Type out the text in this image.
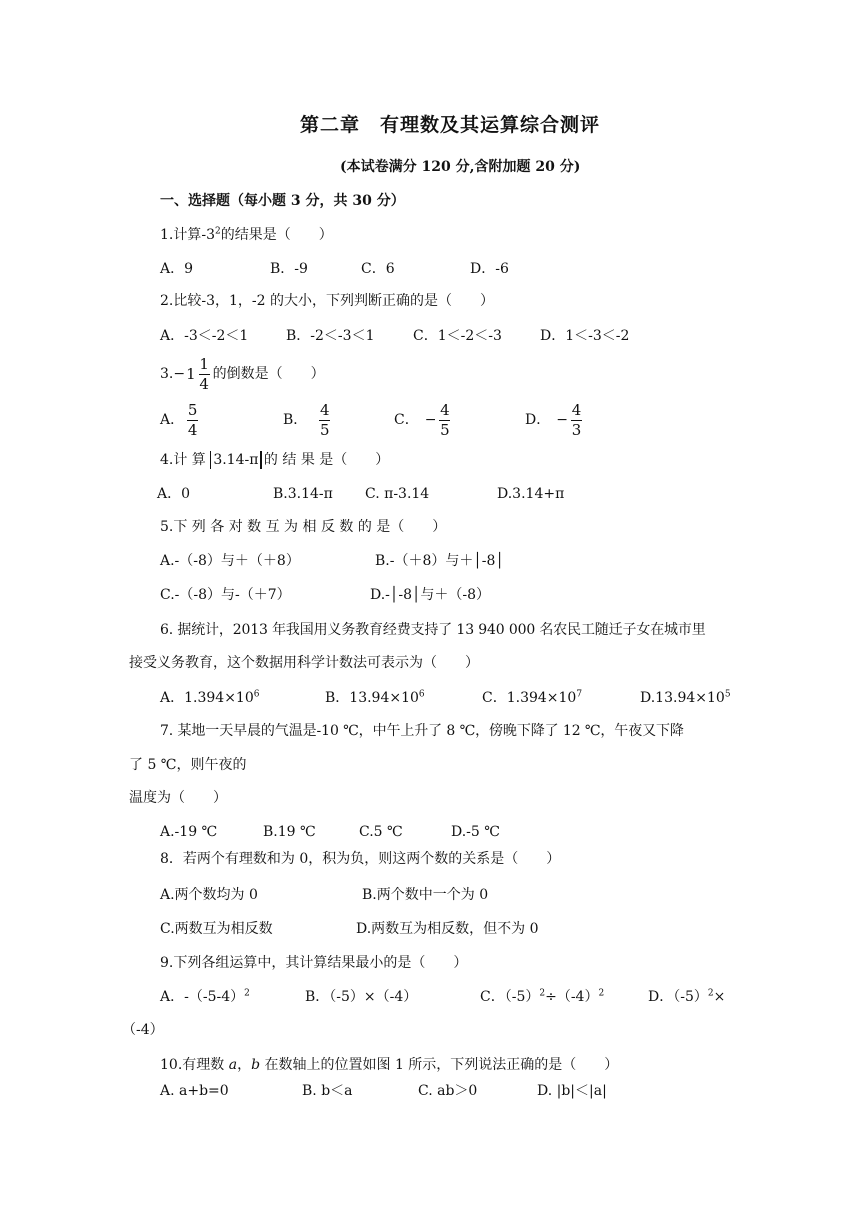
第二章　有理数及其运算综合测评
(本试卷满分 120 分,含附加题 20 分)
一、选择题（每小题 3 分，共 30 分）
1.计算$-3^2$的结果是（　　）
A．9	B．-9	C．6	D．-6
2.比较-3，1，-2 的大小，下列判断正确的是（　　）
A．-3＜-2＜1	B．-2＜-3＜1	C．1＜-2＜-3	D．1＜-3＜-2
3. − $1 \frac{1}{4}$ 的倒数是（　　）
A． $\frac{5}{4}$	B． $\frac{4}{5}$	C． − $\frac{4}{5}$	D． − $\frac{4}{3}$
4.计 算 3.14-π 的 结 果 是（　　）
A．0	B.3.14-π C. π-3.14	D.3.14+π
5.下 列 各 对 数 互 为 相 反 数 的 是（　　）
A.-（-8）与＋（＋8）	B.-（＋8）与＋│-8│
C.-（-8）与-（＋7）	D.-│-8│与＋（-8）
6. 据统计，2013 年我国用义务教育经费支持了 13 940 000 名农民工随迁子女在城市里
接受义务教育，这个数据用科学计数法可表示为（　　）
A．$1.394\times 10^6$	B．$13.94\times 10^6$	C．$1.394\times 10^7$	$D.13.94\times 10^5$
7. 某地一天早晨的气温是-10 ℃，中午上升了 8 ℃，傍晚下降了 12 ℃，午夜又下降
了 5 ℃，则午夜的
温度为（　　）
A.-19 ℃	B.19 ℃	C.5 ℃	D.-5 ℃
8．若两个有理数和为 0，积为负，则这两个数的关系是（　　）
A.两个数均为 0	B.两个数中一个为 0
C.两数互为相反数	D.两数互为相反数，但不为 0
9.下列各组运算中，其计算结果最小的是（　　）
A．$-(-5-4)^2$	B．（-5）×（-4）	C．$(-5)^2\div(-4)^2$	D．$(-5)^2\times$
（-4）
10.有理数 a，b 在数轴上的位置如图 1 所示，下列说法正确的是（　　）
A. a+b=0	B. b＜a	C. ab＞0	D. |b|＜|a|
